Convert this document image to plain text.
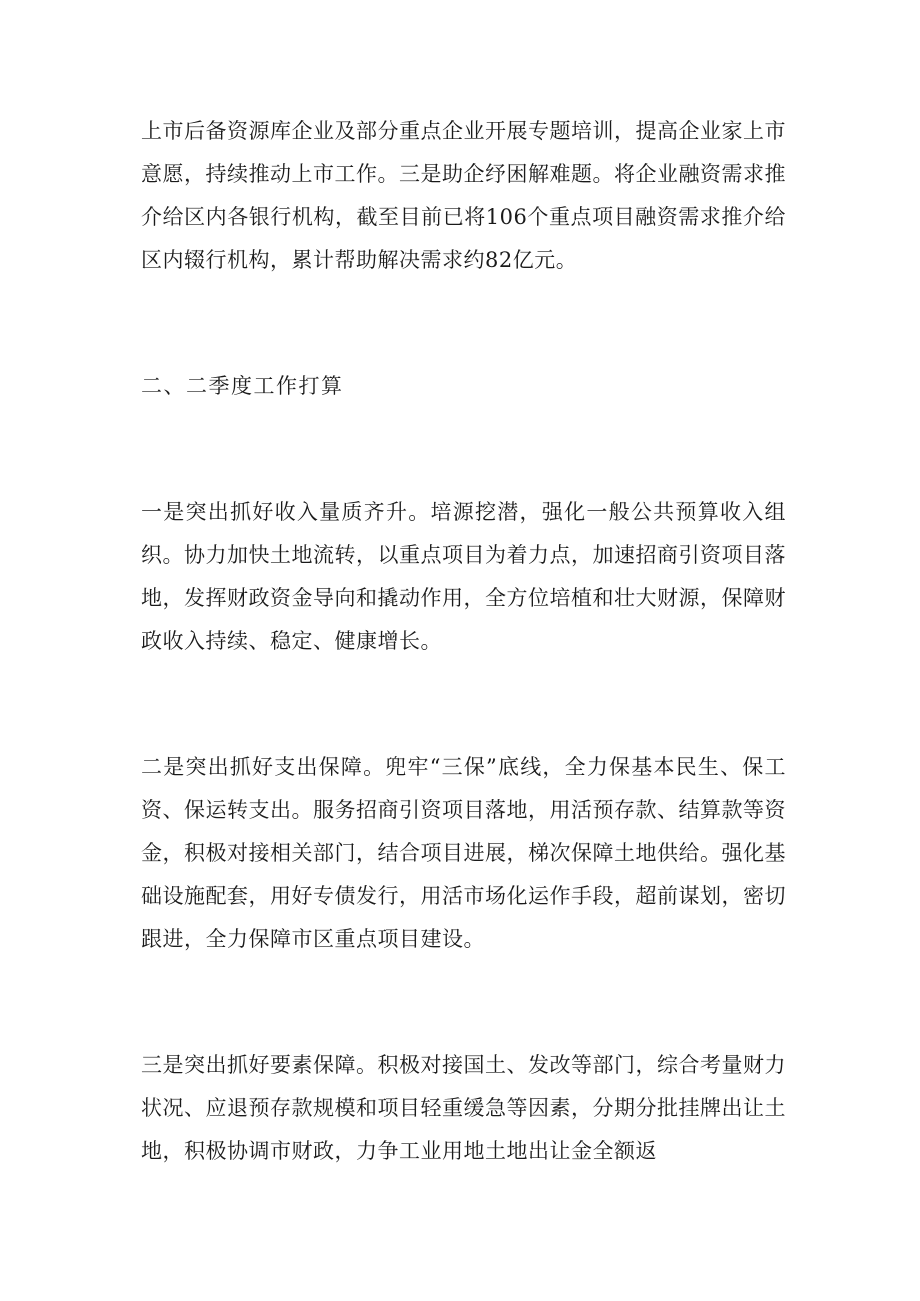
上市后备资源库企业及部分重点企业开展专题培训，提高企业家上市意愿，持续推动上市工作。三是助企纾困解难题。将企业融资需求推介给区内各银行机构，截至目前已将106个重点项目融资需求推介给区内辍行机构，累计帮助解决需求约82亿元。

二、二季度工作打算

一是突出抓好收入量质齐升。培源挖潜，强化一般公共预算收入组织。协力加快土地流转，以重点项目为着力点，加速招商引资项目落地，发挥财政资金导向和撬动作用，全方位培植和壮大财源，保障财政收入持续、稳定、健康增长。

二是突出抓好支出保障。兜牢“三保”底线，全力保基本民生、保工资、保运转支出。服务招商引资项目落地，用活预存款、结算款等资金，积极对接相关部门，结合项目进展，梯次保障土地供给。强化基础设施配套，用好专债发行，用活市场化运作手段，超前谋划，密切跟进，全力保障市区重点项目建设。

三是突出抓好要素保障。积极对接国土、发改等部门，综合考量财力状况、应退预存款规模和项目轻重缓急等因素，分期分批挂牌出让土地，积极协调市财政，力争工业用地土地出让金全额返
